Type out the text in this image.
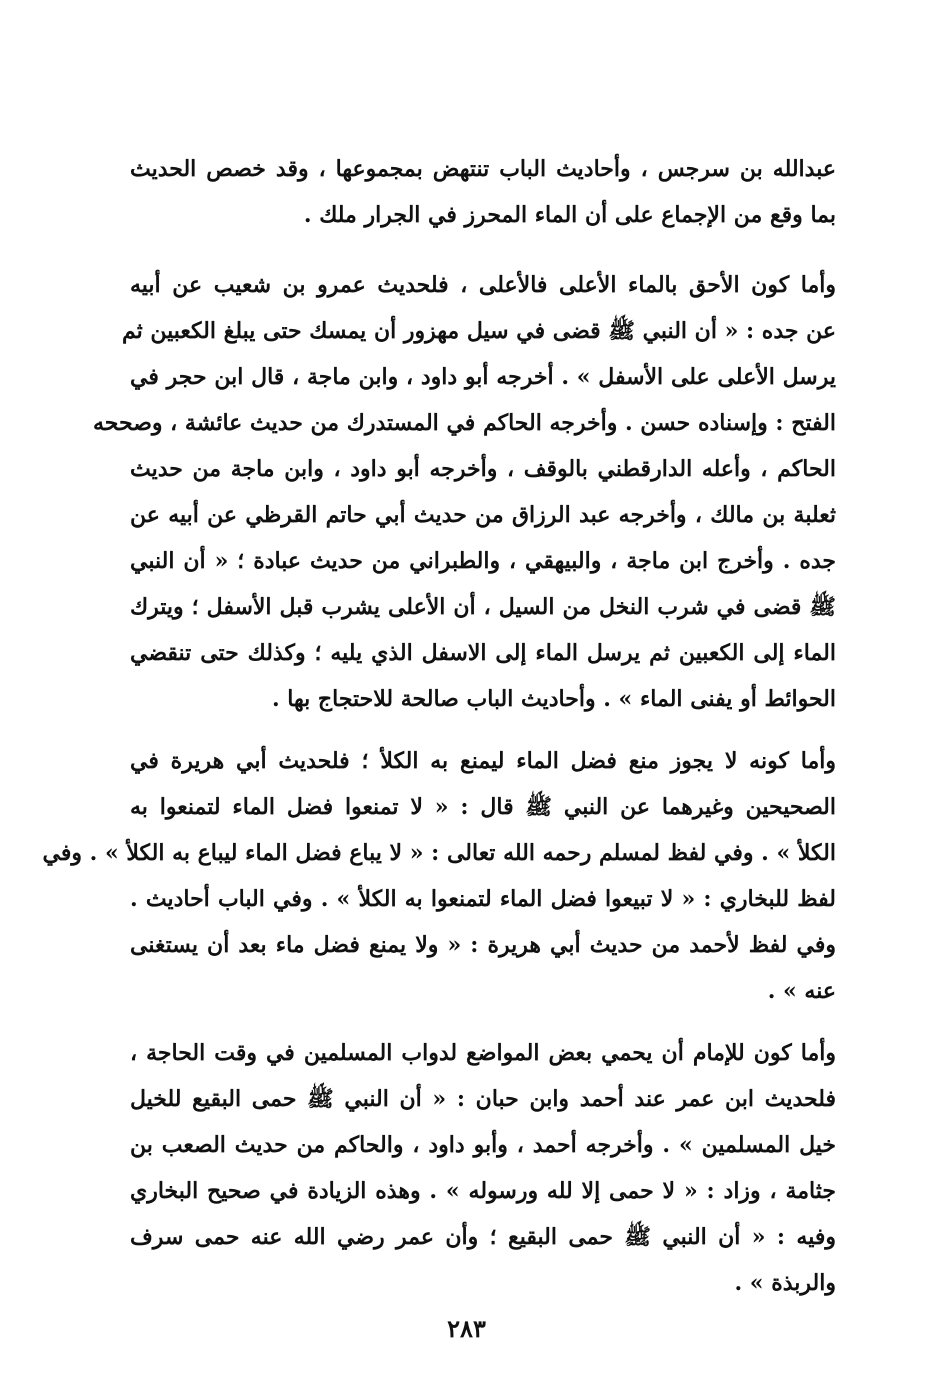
عبدالله بن سرجس ، وأحاديث الباب تنتهض بمجموعها ، وقد خصص الحديث
بما وقع من الإجماع على أن الماء المحرز في الجرار ملك .
وأما كون الأحق بالماء الأعلى فالأعلى ، فلحديث عمرو بن شعيب عن أبيه
عن جده : « أن النبي ﷺ قضى في سيل مهزور أن يمسك حتى يبلغ الكعبين ثم
يرسل الأعلى على الأسفل » . أخرجه أبو داود ، وابن ماجة ، قال ابن حجر في
الفتح : وإسناده حسن . وأخرجه الحاكم في المستدرك من حديث عائشة ، وصححه
الحاكم ، وأعله الدارقطني بالوقف ، وأخرجه أبو داود ، وابن ماجة من حديث
ثعلبة بن مالك ، وأخرجه عبد الرزاق من حديث أبي حاتم القرظي عن أبيه عن
جده . وأخرج ابن ماجة ، والبيهقي ، والطبراني من حديث عبادة ؛ « أن النبي
ﷺ قضى في شرب النخل من السيل ، أن الأعلى يشرب قبل الأسفل ؛ ويترك
الماء إلى الكعبين ثم يرسل الماء إلى الاسفل الذي يليه ؛ وكذلك حتى تنقضي
الحوائط أو يفنى الماء » . وأحاديث الباب صالحة للاحتجاج بها .
وأما كونه لا يجوز منع فضل الماء ليمنع به الكلأ ؛ فلحديث أبي هريرة في
الصحيحين وغيرهما عن النبي ﷺ قال : « لا تمنعوا فضل الماء لتمنعوا به
الكلأ » . وفي لفظ لمسلم رحمه الله تعالى : « لا يباع فضل الماء ليباع به الكلأ » . وفي
لفظ للبخاري : « لا تبيعوا فضل الماء لتمنعوا به الكلأ » . وفي الباب أحاديث .
وفي لفظ لأحمد من حديث أبي هريرة : « ولا يمنع فضل ماء بعد أن يستغنى
عنه » .
وأما كون للإمام أن يحمي بعض المواضع لدواب المسلمين في وقت الحاجة ،
فلحديث ابن عمر عند أحمد وابن حبان : « أن النبي ﷺ حمى البقيع للخيل
خيل المسلمين » . وأخرجه أحمد ، وأبو داود ، والحاكم من حديث الصعب بن
جثامة ، وزاد : « لا حمى إلا لله ورسوله » . وهذه الزيادة في صحيح البخاري
وفيه : « أن النبي ﷺ حمى البقيع ؛ وأن عمر رضي الله عنه حمى سرف
والربذة » .
٢٨٣
